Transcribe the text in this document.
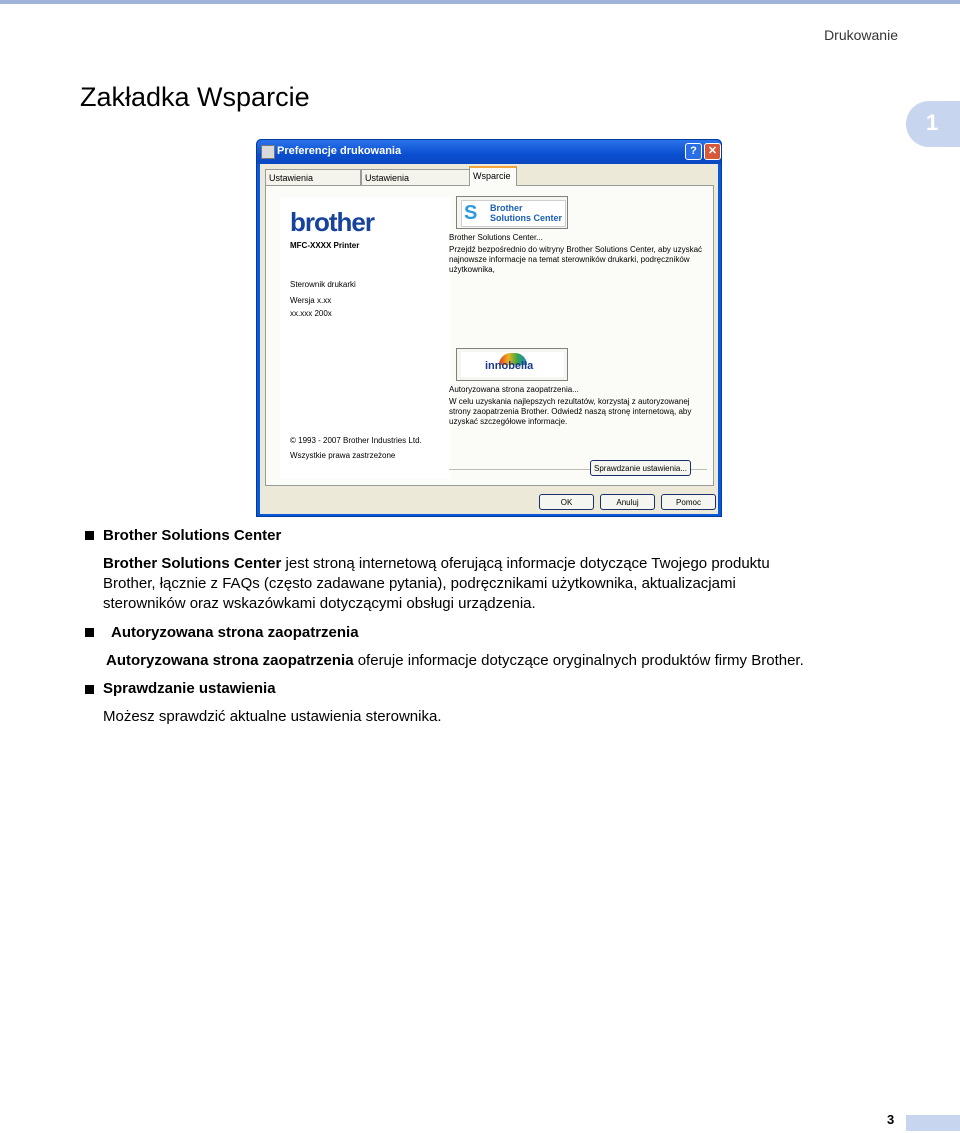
Drukowanie
Zakładka Wsparcie
1
Preferencje drukowania	?	✕
Ustawienia	Ustawienia	Wsparcie
brother
MFC-XXXX Printer
Sterownik drukarki
Wersja x.xx
xx.xxx 200x
© 1993 - 2007 Brother Industries Ltd.
Wszystkie prawa zastrzeżone
S Brother
Solutions Center
Brother Solutions Center...
Przejdź bezpośrednio do witryny Brother Solutions Center, aby uzyskać najnowsze informacje na temat sterowników drukarki, podręczników użytkownika,
innobella
Autoryzowana strona zaopatrzenia...
W celu uzyskania najlepszych rezultatów, korzystaj z autoryzowanej strony zaopatrzenia Brother. Odwiedź naszą stronę internetową, aby uzyskać szczegółowe informacje.
Sprawdzanie ustawienia...
OK	Anuluj	Pomoc
Brother Solutions Center
Brother Solutions Center jest stroną internetową oferującą informacje dotyczące Twojego produktu
Brother, łącznie z FAQs (często zadawane pytania), podręcznikami użytkownika, aktualizacjami
sterowników oraz wskazówkami dotyczącymi obsługi urządzenia.
Autoryzowana strona zaopatrzenia
Autoryzowana strona zaopatrzenia oferuje informacje dotyczące oryginalnych produktów firmy Brother.
Sprawdzanie ustawienia
Możesz sprawdzić aktualne ustawienia sterownika.
3
